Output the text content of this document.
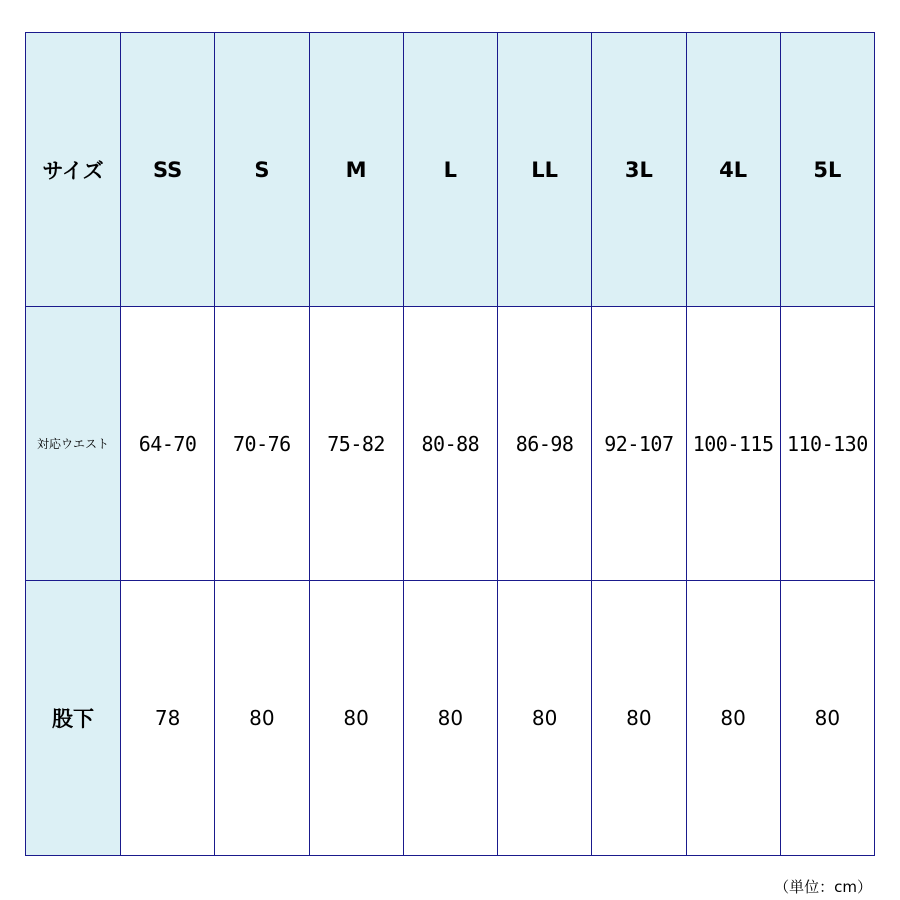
サイズ	SS	S	M	L	LL	3L	4L	5L
対応ウエスト	64-70	70-76	75-82	80-88	86-98	92-107	100-115	110-130
股下	78	80	80	80	80	80	80	80
（単位：cm）
